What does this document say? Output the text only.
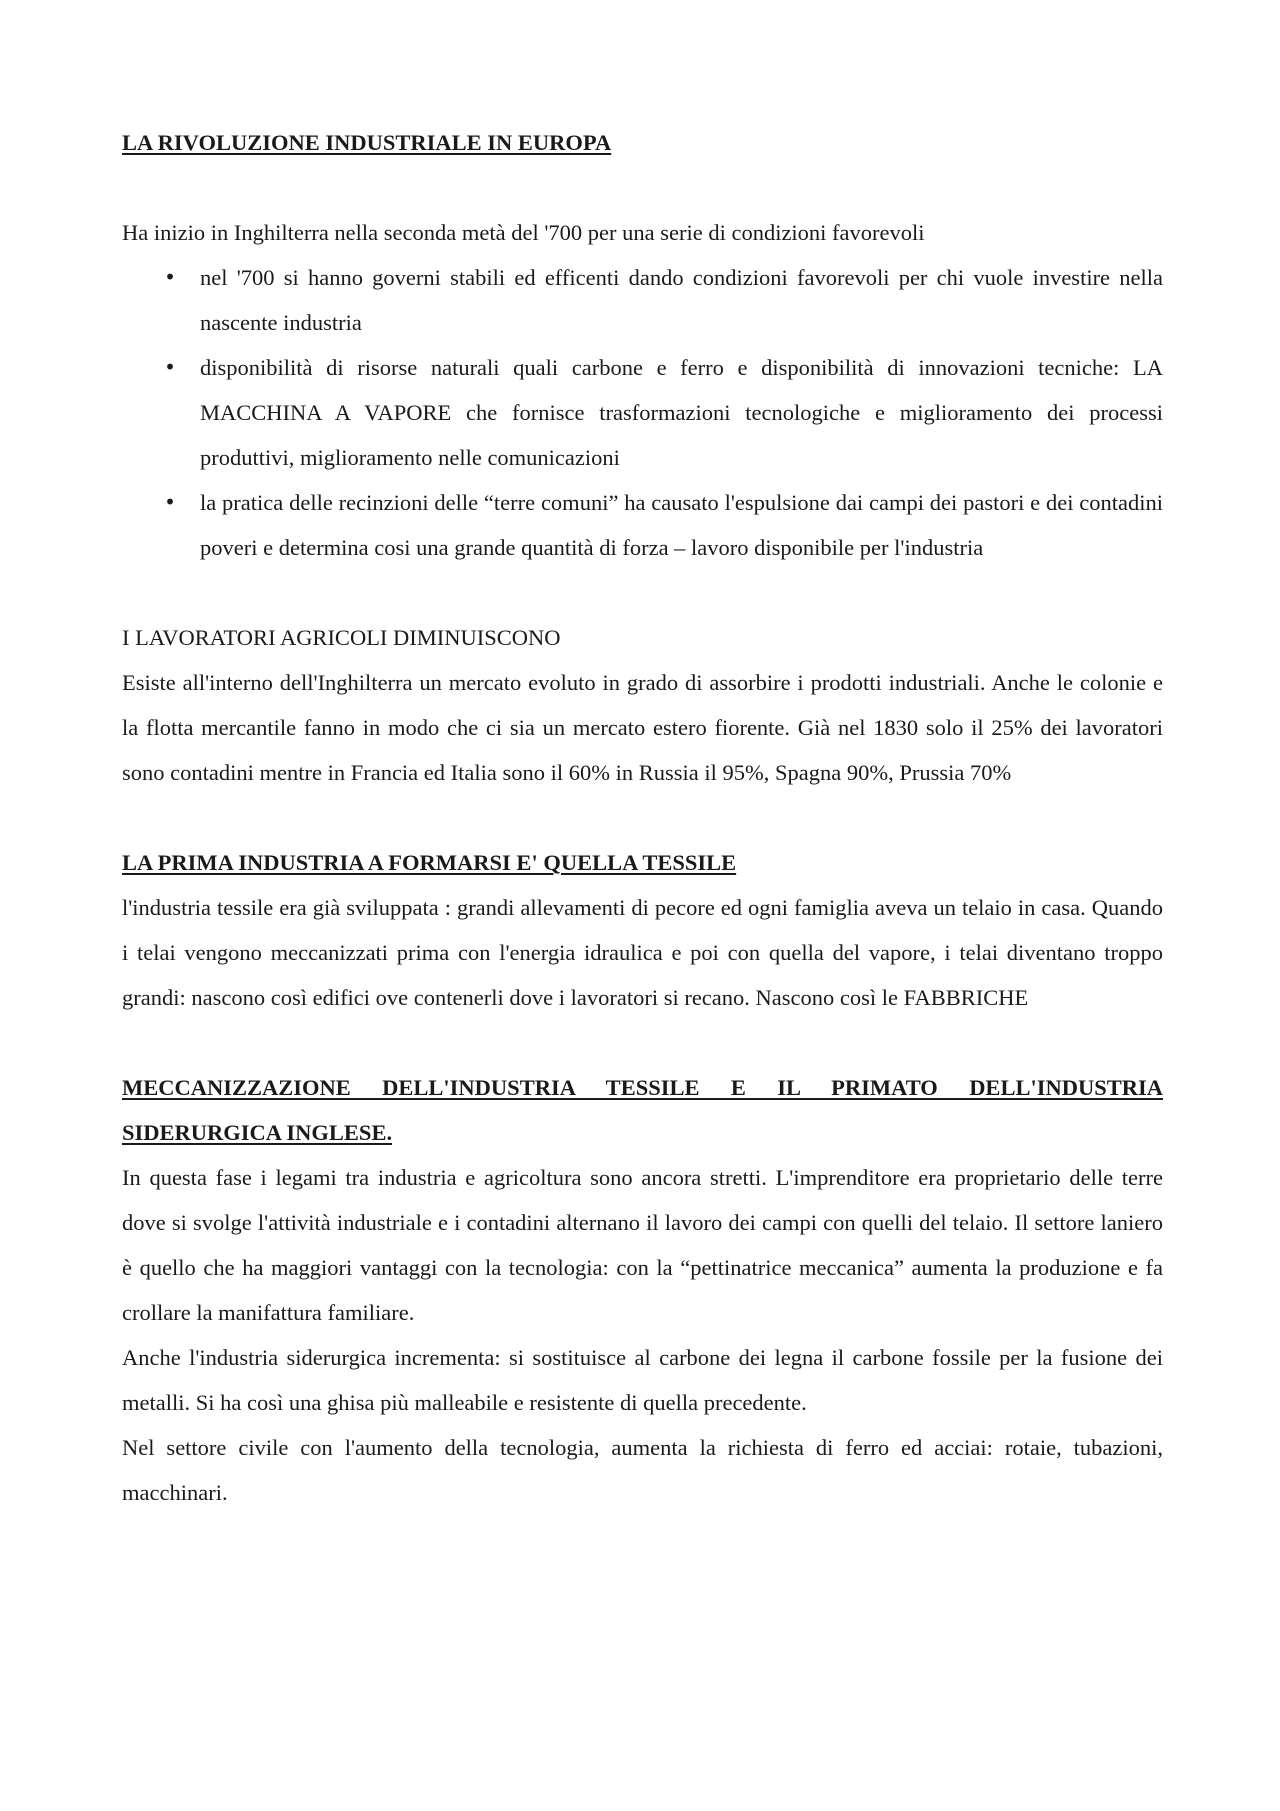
LA RIVOLUZIONE INDUSTRIALE IN EUROPA

Ha inizio in Inghilterra nella seconda metà del '700 per una serie di condizioni favorevoli

• nel '700 si hanno governi stabili ed efficenti dando condizioni favorevoli per chi vuole investire nella nascente industria
• disponibilità di risorse naturali quali carbone e ferro e disponibilità di innovazioni tecniche: LA MACCHINA A VAPORE che fornisce trasformazioni tecnologiche e miglioramento dei processi produttivi, miglioramento nelle comunicazioni
• la pratica delle recinzioni delle “terre comuni” ha causato l'espulsione dai campi dei pastori e dei contadini poveri e determina cosi una grande quantità di forza – lavoro disponibile per l'industria

I LAVORATORI AGRICOLI DIMINUISCONO

Esiste all'interno dell'Inghilterra un mercato evoluto in grado di assorbire i prodotti industriali. Anche le colonie e la flotta mercantile fanno in modo che ci sia un mercato estero fiorente. Già nel 1830 solo il 25% dei lavoratori sono contadini mentre in Francia ed Italia sono il 60% in Russia il 95%, Spagna 90%, Prussia 70%

LA PRIMA INDUSTRIA A FORMARSI E' QUELLA TESSILE

l'industria tessile era già sviluppata : grandi allevamenti di pecore ed ogni famiglia aveva un telaio in casa. Quando i telai vengono meccanizzati prima con l'energia idraulica e poi con quella del vapore, i telai diventano troppo grandi: nascono così edifici ove contenerli dove i lavoratori si recano. Nascono così le FABBRICHE

MECCANIZZAZIONE DELL'INDUSTRIA TESSILE E IL PRIMATO DELL'INDUSTRIA SIDERURGICA INGLESE.

In questa fase i legami tra industria e agricoltura sono ancora stretti. L'imprenditore era proprietario delle terre dove si svolge l'attività industriale e i contadini alternano il lavoro dei campi con quelli del telaio. Il settore laniero è quello che ha maggiori vantaggi con la tecnologia: con la “pettinatrice meccanica” aumenta la produzione e fa crollare la manifattura familiare.

Anche l'industria siderurgica incrementa: si sostituisce al carbone dei legna il carbone fossile per la fusione dei metalli. Si ha così una ghisa più malleabile e resistente di quella precedente.

Nel settore civile con l'aumento della tecnologia, aumenta la richiesta di ferro ed acciai: rotaie, tubazioni, macchinari.
